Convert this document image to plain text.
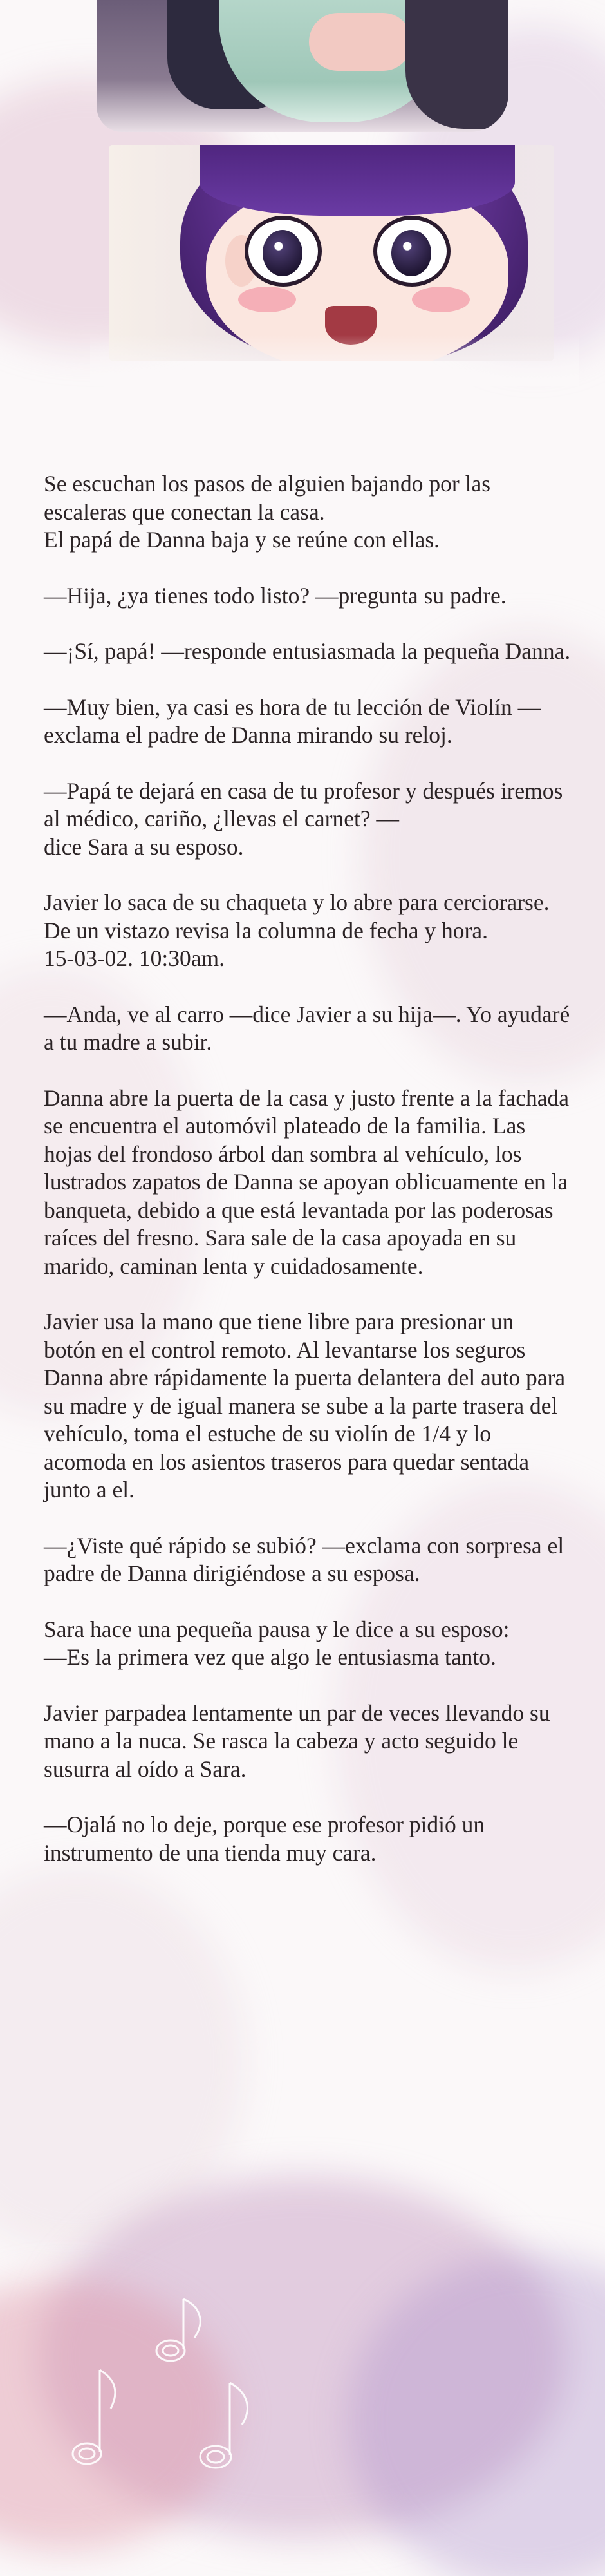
Se escuchan los pasos de alguien bajando por las escaleras que conectan la casa.
El papá de Danna baja y se reúne con ellas.

—Hija, ¿ya tienes todo listo? —pregunta su padre.

—¡Sí, papá! —responde entusiasmada la pequeña Danna.

—Muy bien, ya casi es hora de tu lección de Violín —exclama el padre de Danna mirando su reloj.

—Papá te dejará en casa de tu profesor y después iremos al médico, cariño, ¿llevas el carnet? —
dice Sara a su esposo.

Javier lo saca de su chaqueta y lo abre para cerciorarse. De un vistazo revisa la columna de fecha y hora.
15-03-02. 10:30am.

—Anda, ve al carro —dice Javier a su hija—. Yo ayudaré a tu madre a subir.

Danna abre la puerta de la casa y justo frente a la fachada se encuentra el automóvil plateado de la familia. Las hojas del frondoso árbol dan sombra al vehículo, los lustrados zapatos de Danna se apoyan oblicuamente en la banqueta, debido a que está levantada por las poderosas raíces del fresno. Sara sale de la casa apoyada en su marido, caminan lenta y cuidadosamente.

Javier usa la mano que tiene libre para presionar un botón en el control remoto. Al levantarse los seguros Danna abre rápidamente la puerta delantera del auto para su madre y de igual manera se sube a la parte trasera del vehículo, toma el estuche de su violín de 1/4 y lo acomoda en los asientos traseros para quedar sentada junto a el.

—¿Viste qué rápido se subió? —exclama con sorpresa el padre de Danna dirigiéndose a su esposa.

Sara hace una pequeña pausa y le dice a su esposo:
—Es la primera vez que algo le entusiasma tanto.

Javier parpadea lentamente un par de veces llevando su mano a la nuca. Se rasca la cabeza y acto seguido le susurra al oído a Sara.

—Ojalá no lo deje, porque ese profesor pidió un instrumento de una tienda muy cara.
